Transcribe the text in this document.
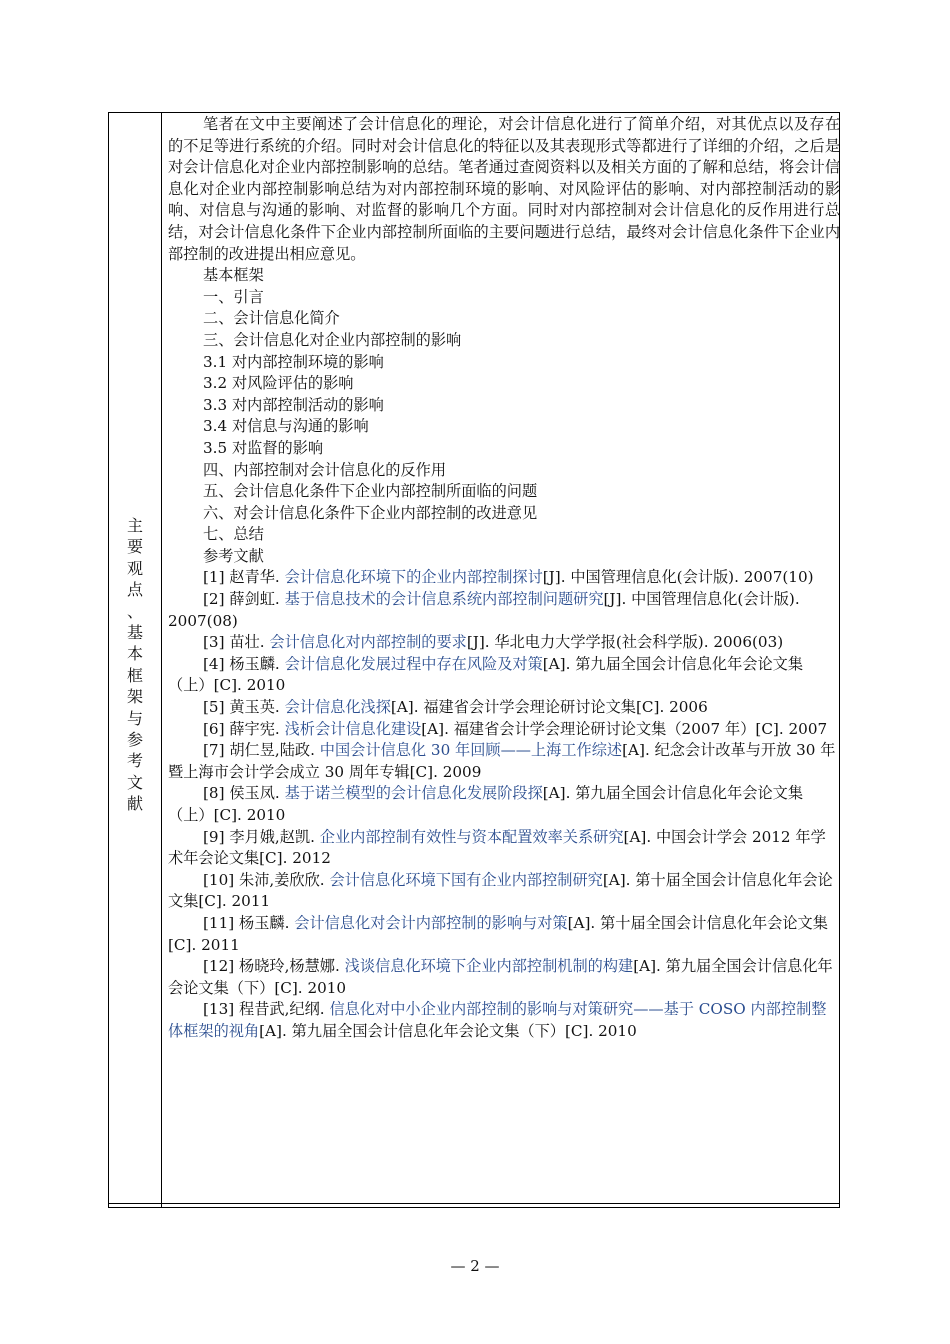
主
要
观
点
、
基
本
框
架
与
参
考
文
献

笔者在文中主要阐述了会计信息化的理论，对会计信息化进行了简单介绍，对其优点以及存在的不足等进行系统的介绍。同时对会计信息化的特征以及其表现形式等都进行了详细的介绍，之后是对会计信息化对企业内部控制影响的总结。笔者通过查阅资料以及相关方面的了解和总结，将会计信息化对企业内部控制影响总结为对内部控制环境的影响、对风险评估的影响、对内部控制活动的影响、对信息与沟通的影响、对监督的影响几个方面。同时对内部控制对会计信息化的反作用进行总结，对会计信息化条件下企业内部控制所面临的主要问题进行总结，最终对会计信息化条件下企业内部控制的改进提出相应意见。

基本框架

一、引言

二、会计信息化简介

三、会计信息化对企业内部控制的影响

3.1 对内部控制环境的影响

3.2 对风险评估的影响

3.3 对内部控制活动的影响

3.4 对信息与沟通的影响

3.5 对监督的影响

四、内部控制对会计信息化的反作用

五、会计信息化条件下企业内部控制所面临的问题

六、对会计信息化条件下企业内部控制的改进意见

七、总结

参考文献

[1] 赵青华. 会计信息化环境下的企业内部控制探讨[J]. 中国管理信息化(会计版). 2007(10)

[2] 薛剑虹. 基于信息技术的会计信息系统内部控制问题研究[J]. 中国管理信息化(会计版). 2007(08)

[3] 苗壮. 会计信息化对内部控制的要求[J]. 华北电力大学学报(社会科学版). 2006(03)

[4] 杨玉麟. 会计信息化发展过程中存在风险及对策[A]. 第九届全国会计信息化年会论文集（上）[C]. 2010

[5] 黄玉英. 会计信息化浅探[A]. 福建省会计学会理论研讨论文集[C]. 2006

[6] 薛宇宪. 浅析会计信息化建设[A]. 福建省会计学会理论研讨论文集（2007 年）[C]. 2007

[7] 胡仁昱,陆政. 中国会计信息化 30 年回顾——上海工作综述[A]. 纪念会计改革与开放 30 年暨上海市会计学会成立 30 周年专辑[C]. 2009

[8] 侯玉凤. 基于诺兰模型的会计信息化发展阶段探[A]. 第九届全国会计信息化年会论文集（上）[C]. 2010

[9] 李月娥,赵凯. 企业内部控制有效性与资本配置效率关系研究[A]. 中国会计学会 2012 年学术年会论文集[C]. 2012

[10] 朱沛,姜欣欣. 会计信息化环境下国有企业内部控制研究[A]. 第十届全国会计信息化年会论文集[C]. 2011

[11] 杨玉麟. 会计信息化对会计内部控制的影响与对策[A]. 第十届全国会计信息化年会论文集[C]. 2011

[12] 杨晓玲,杨慧娜. 浅谈信息化环境下企业内部控制机制的构建[A]. 第九届全国会计信息化年会论文集（下）[C]. 2010

[13] 程昔武,纪纲. 信息化对中小企业内部控制的影响与对策研究——基于 COSO 内部控制整体框架的视角[A]. 第九届全国会计信息化年会论文集（下）[C]. 2010

— 2 —
